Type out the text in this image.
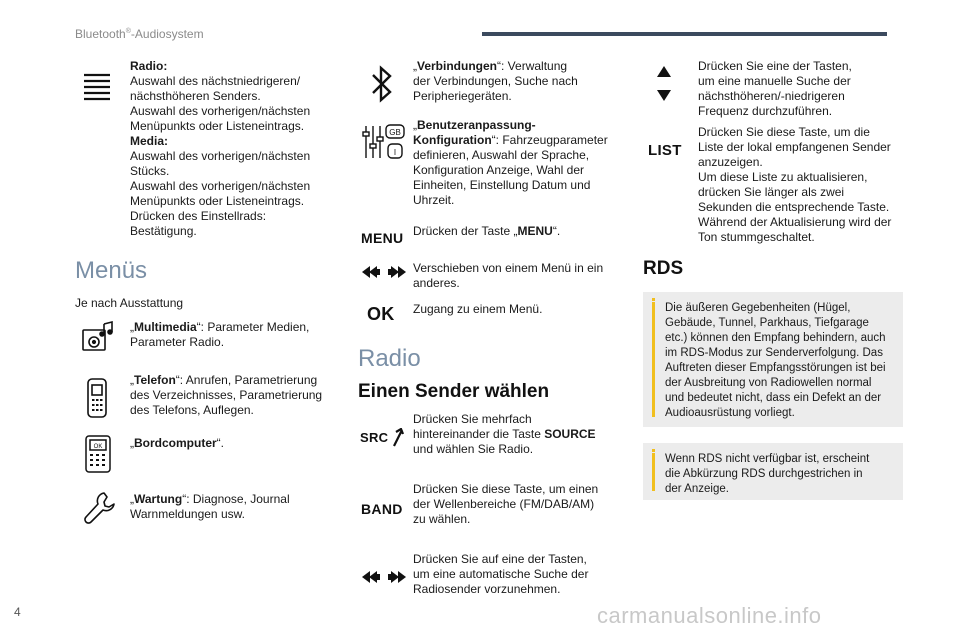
Bluetooth®-Audiosystem
Radio:
Auswahl des nächstniedrigeren/
nächsthöheren Senders.
Auswahl des vorherigen/nächsten
Menüpunkts oder Listeneintrags.
Media:
Auswahl des vorherigen/nächsten
Stücks.
Auswahl des vorherigen/nächsten
Menüpunkts oder Listeneintrags.
Drücken des Einstellrads:
Bestätigung.
Menüs
Je nach Ausstattung
„Multimedia“: Parameter Medien,
Parameter Radio.
„Telefon“: Anrufen, Parametrierung
des Verzeichnisses, Parametrierung
des Telefons, Auflegen.
OK „Bordcomputer“.
„Wartung“: Diagnose, Journal
Warnmeldungen usw.
„Verbindungen“: Verwaltung
der Verbindungen, Suche nach
Peripheriegeräten.
GB
I
„Benutzeranpassung-
Konfiguration“: Fahrzeugparameter
definieren, Auswahl der Sprache,
Konfiguration Anzeige, Wahl der
Einheiten, Einstellung Datum und
Uhrzeit.
MENU Drücken der Taste „MENU“.
Verschieben von einem Menü in ein
anderes.
OK Zugang zu einem Menü.
Radio
Einen Sender wählen
SRC
Drücken Sie mehrfach
hintereinander die Taste SOURCE
und wählen Sie Radio.
BAND
Drücken Sie diese Taste, um einen
der Wellenbereiche (FM/DAB/AM)
zu wählen.
Drücken Sie auf eine der Tasten,
um eine automatische Suche der
Radiosender vorzunehmen.
Drücken Sie eine der Tasten,
um eine manuelle Suche der
nächsthöheren/-niedrigeren
Frequenz durchzuführen.
LIST
Drücken Sie diese Taste, um die
Liste der lokal empfangenen Sender
anzuzeigen.
Um diese Liste zu aktualisieren,
drücken Sie länger als zwei
Sekunden die entsprechende Taste.
Während der Aktualisierung wird der
Ton stummgeschaltet.
RDS
Die äußeren Gegebenheiten (Hügel,
Gebäude, Tunnel, Parkhaus, Tiefgarage
etc.) können den Empfang behindern, auch
im RDS-Modus zur Senderverfolgung. Das
Auftreten dieser Empfangsstörungen ist bei
der Ausbreitung von Radiowellen normal
und bedeutet nicht, dass ein Defekt an der
Audioausrüstung vorliegt.
Wenn RDS nicht verfügbar ist, erscheint
die Abkürzung RDS durchgestrichen in
der Anzeige.
4	carmanualsonline.info
